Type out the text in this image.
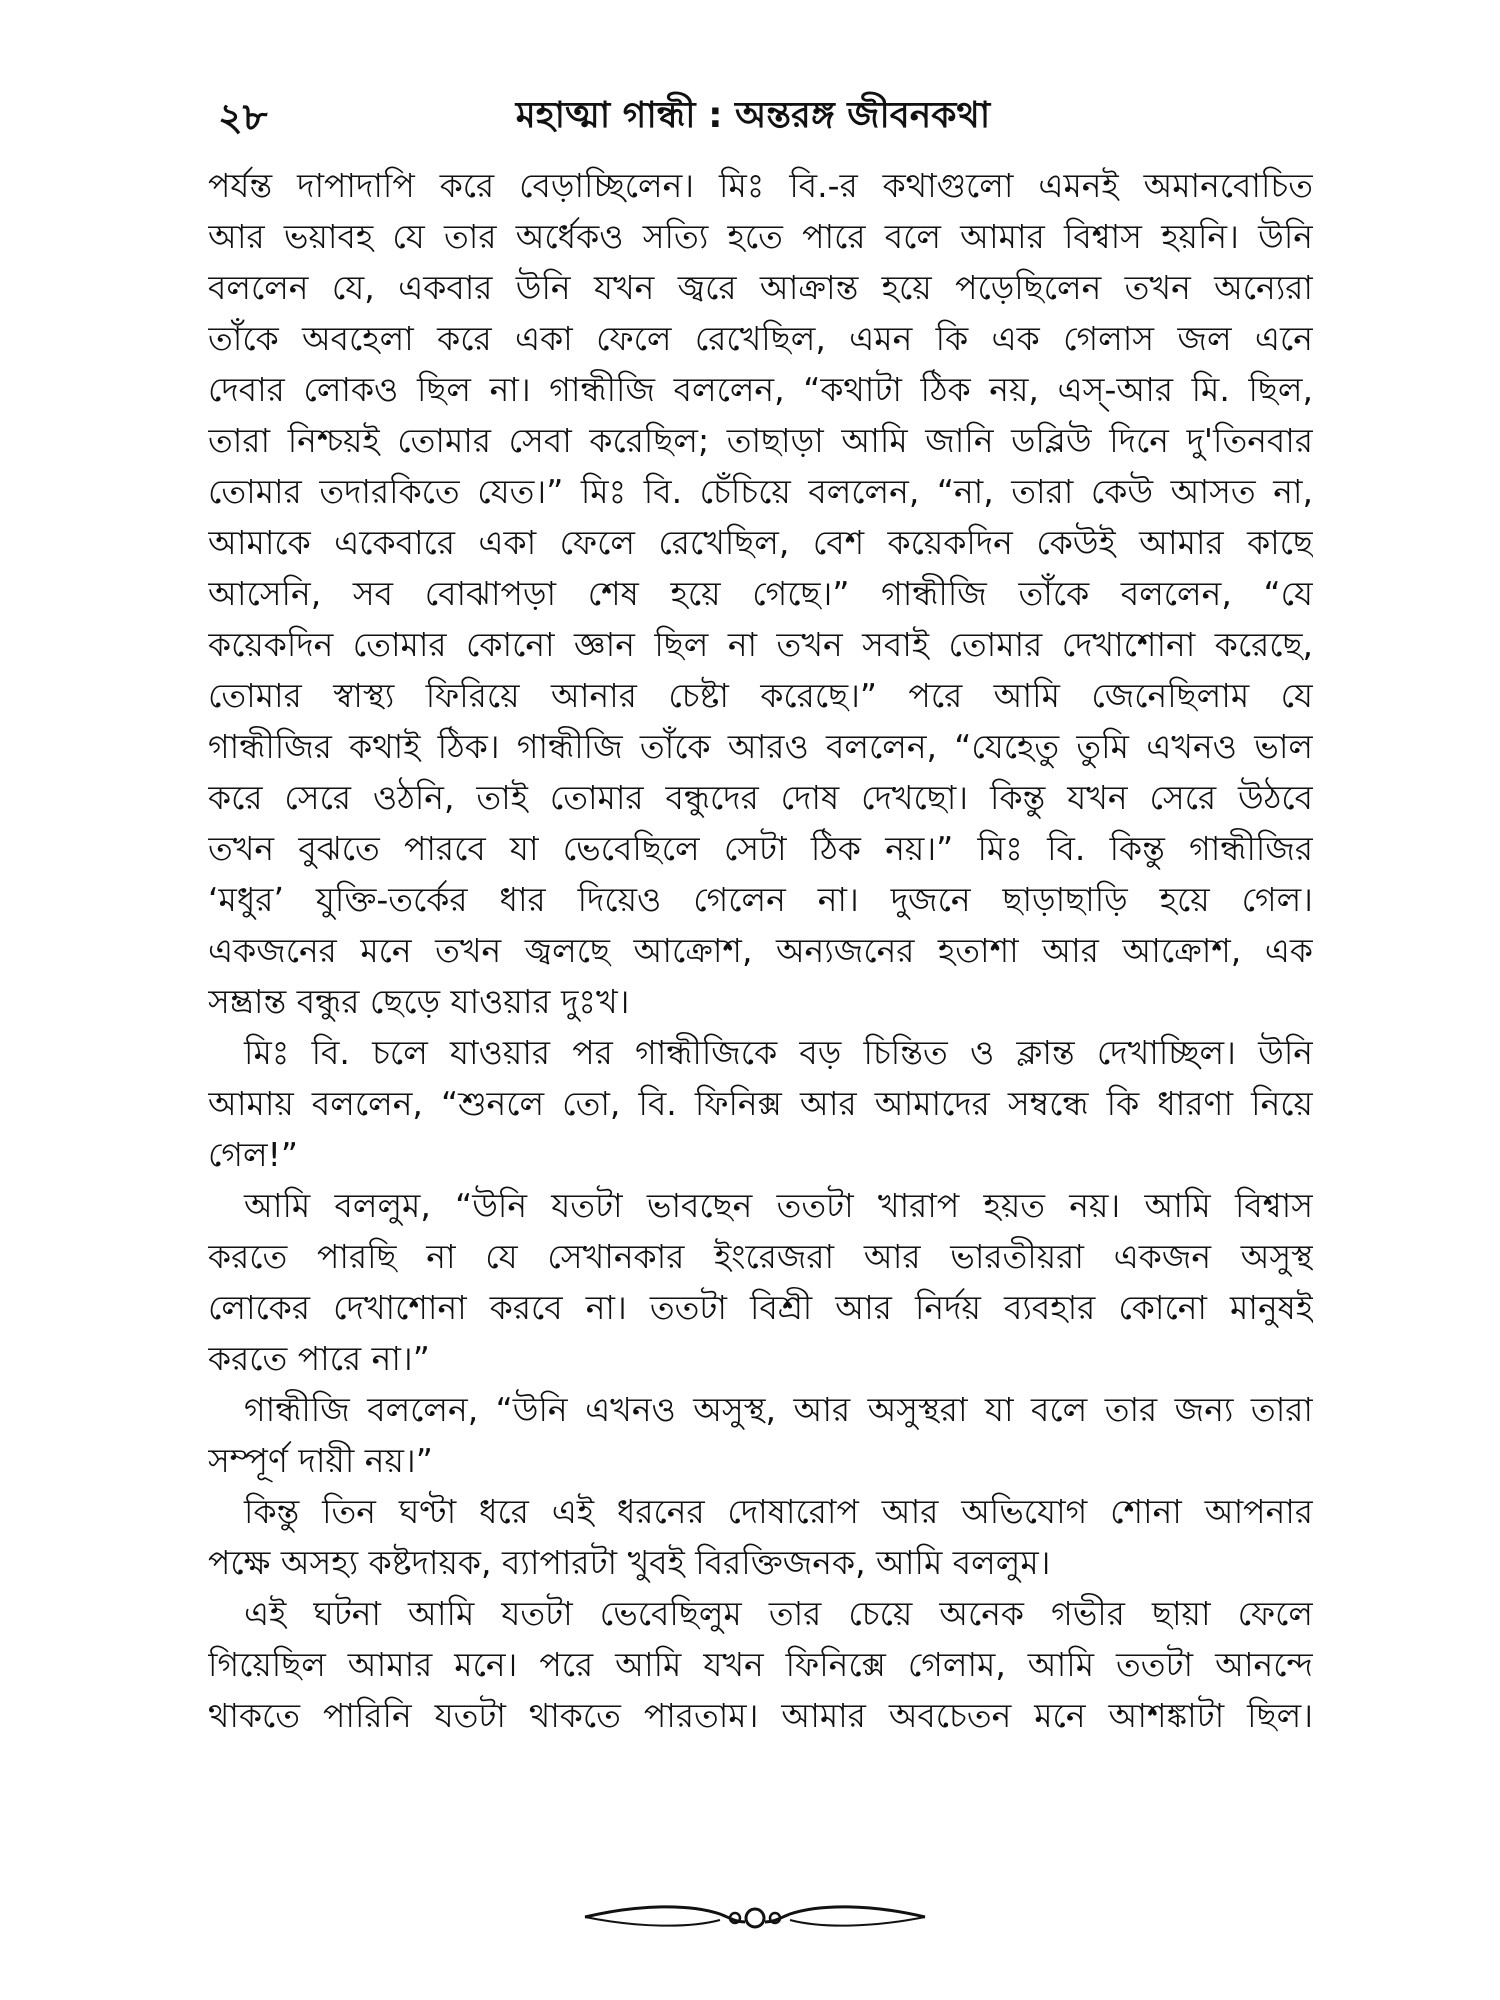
২৮	মহাত্মা গান্ধী : অন্তরঙ্গ জীবনকথা
পর্যন্ত দাপাদাপি করে বেড়াচ্ছিলেন। মিঃ বি.-র কথাগুলো এমনই অমানবোচিত
আর ভয়াবহ যে তার অর্ধেকও সত্যি হতে পারে বলে আমার বিশ্বাস হয়নি। উনি
বললেন যে, একবার উনি যখন জ্বরে আক্রান্ত হয়ে পড়েছিলেন তখন অন্যেরা
তাঁকে অবহেলা করে একা ফেলে রেখেছিল, এমন কি এক গেলাস জল এনে
দেবার লোকও ছিল না। গান্ধীজি বললেন, “কথাটা ঠিক নয়, এস্‌-আর মি. ছিল,
তারা নিশ্চয়ই তোমার সেবা করেছিল; তাছাড়া আমি জানি ডব্লিউ দিনে দু'তিনবার
তোমার তদারকিতে যেত।” মিঃ বি. চেঁচিয়ে বললেন, “না, তারা কেউ আসত না,
আমাকে একেবারে একা ফেলে রেখেছিল, বেশ কয়েকদিন কেউই আমার কাছে
আসেনি, সব বোঝাপড়া শেষ হয়ে গেছে।” গান্ধীজি তাঁকে বললেন, “যে
কয়েকদিন তোমার কোনো জ্ঞান ছিল না তখন সবাই তোমার দেখাশোনা করেছে,
তোমার স্বাস্থ্য ফিরিয়ে আনার চেষ্টা করেছে।” পরে আমি জেনেছিলাম যে
গান্ধীজির কথাই ঠিক। গান্ধীজি তাঁকে আরও বললেন, “যেহেতু তুমি এখনও ভাল
করে সেরে ওঠনি, তাই তোমার বন্ধুদের দোষ দেখছো। কিন্তু যখন সেরে উঠবে
তখন বুঝতে পারবে যা ভেবেছিলে সেটা ঠিক নয়।” মিঃ বি. কিন্তু গান্ধীজির
‘মধুর’ যুক্তি-তর্কের ধার দিয়েও গেলেন না। দুজনে ছাড়াছাড়ি হয়ে গেল।
একজনের মনে তখন জ্বলছে আক্রোশ, অন্যজনের হতাশা আর আক্রোশ, এক
সম্ভ্রান্ত বন্ধুর ছেড়ে যাওয়ার দুঃখ।
মিঃ বি. চলে যাওয়ার পর গান্ধীজিকে বড় চিন্তিত ও ক্লান্ত দেখাচ্ছিল। উনি
আমায় বললেন, “শুনলে তো, বি. ফিনিক্স আর আমাদের সম্বন্ধে কি ধারণা নিয়ে
গেল!”
আমি বললুম, “উনি যতটা ভাবছেন ততটা খারাপ হয়ত নয়। আমি বিশ্বাস
করতে পারছি না যে সেখানকার ইংরেজরা আর ভারতীয়রা একজন অসুস্থ
লোকের দেখাশোনা করবে না। ততটা বিশ্রী আর নির্দয় ব্যবহার কোনো মানুষই
করতে পারে না।”
গান্ধীজি বললেন, “উনি এখনও অসুস্থ, আর অসুস্থরা যা বলে তার জন্য তারা
সম্পূর্ণ দায়ী নয়।”
কিন্তু তিন ঘণ্টা ধরে এই ধরনের দোষারোপ আর অভিযোগ শোনা আপনার
পক্ষে অসহ্য কষ্টদায়ক, ব্যাপারটা খুবই বিরক্তিজনক, আমি বললুম।
এই ঘটনা আমি যতটা ভেবেছিলুম তার চেয়ে অনেক গভীর ছায়া ফেলে
গিয়েছিল আমার মনে। পরে আমি যখন ফিনিক্সে গেলাম, আমি ততটা আনন্দে
থাকতে পারিনি যতটা থাকতে পারতাম। আমার অবচেতন মনে আশঙ্কাটা ছিল।
